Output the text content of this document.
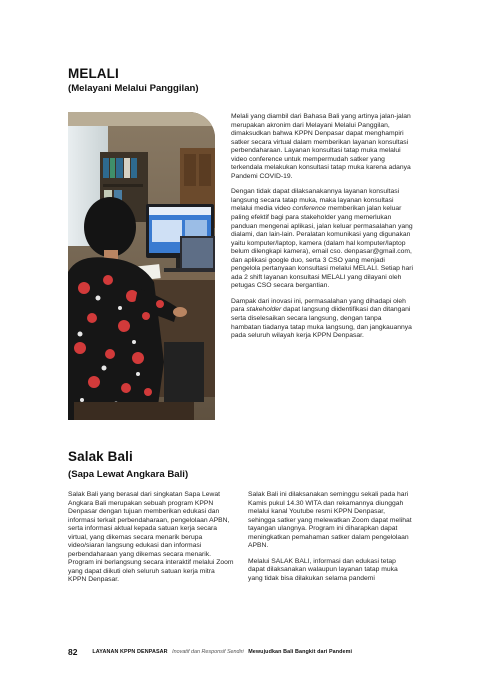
MELALI
(Melayani Melalui Panggilan)

Melali yang diambil dari Bahasa Bali yang artinya jalan-jalan merupakan akronim dari Melayani Melalui Panggilan, dimaksudkan bahwa KPPN Denpasar dapat menghampiri satker secara virtual dalam memberikan layanan konsultasi perbendaharaan. Layanan konsultasi tatap muka melalui video conference untuk mempermudah satker yang terkendala melakukan konsultasi tatap muka karena adanya Pandemi COVID-19.

Dengan tidak dapat dilaksanakannya layanan konsultasi langsung secara tatap muka, maka layanan konsultasi melalui media video conference memberikan jalan keluar paling efektif bagi para stakeholder yang memerlukan panduan mengenai aplikasi, jalan keluar permasalahan yang dialami, dan lain-lain. Peralatan komunikasi yang digunakan yaitu komputer/laptop, kamera (dalam hal komputer/laptop belum dilengkapi kamera), email cso. denpasar@gmail.com, dan aplikasi google duo, serta 3 CSO yang menjadi pengelola pertanyaan konsultasi melalui MELALI. Setiap hari ada 2 shift layanan konsultasi MELALI yang dilayani oleh petugas CSO secara bergantian.

Dampak dari inovasi ini, permasalahan yang dihadapi oleh para stakeholder dapat langsung diidentifikasi dan ditangani serta diselesaikan secara langsung, dengan tanpa hambatan tiadanya tatap muka langsung, dan jangkauannya pada seluruh wilayah kerja KPPN Denpasar.

Salak Bali
(Sapa Lewat Angkara Bali)

Salak Bali yang berasal dari singkatan Sapa Lewat Angkara Bali merupakan sebuah program KPPN Denpasar dengan tujuan memberikan edukasi dan informasi terkait perbendaharaan, pengelolaan APBN, serta informasi aktual kepada satuan kerja secara virtual, yang dikemas secara menarik berupa video/siaran langsung edukasi dan informasi perbendaharaan yang dikemas secara menarik. Program ini berlangsung secara interaktif melalui Zoom yang dapat diikuti oleh seluruh satuan kerja mitra KPPN Denpasar.

Salak Bali ini dilaksanakan seminggu sekali pada hari Kamis pukul 14.30 WITA dan rekamannya diunggah melalui kanal Youtube resmi KPPN Denpasar, sehingga satker yang melewatkan Zoom dapat melihat tayangan ulangnya. Program ini diharapkan dapat meningkatkan pemahaman satker dalam pengelolaan APBN.

Melalui SALAK BALI, informasi dan edukasi tetap dapat dilaksanakan walaupun layanan tatap muka yang tidak bisa dilakukan selama pandemi

82	LAYANAN KPPN DENPASAR Inovatif dan Responsif Sendiri Mewujudkan Bali Bangkit dari Pandemi
